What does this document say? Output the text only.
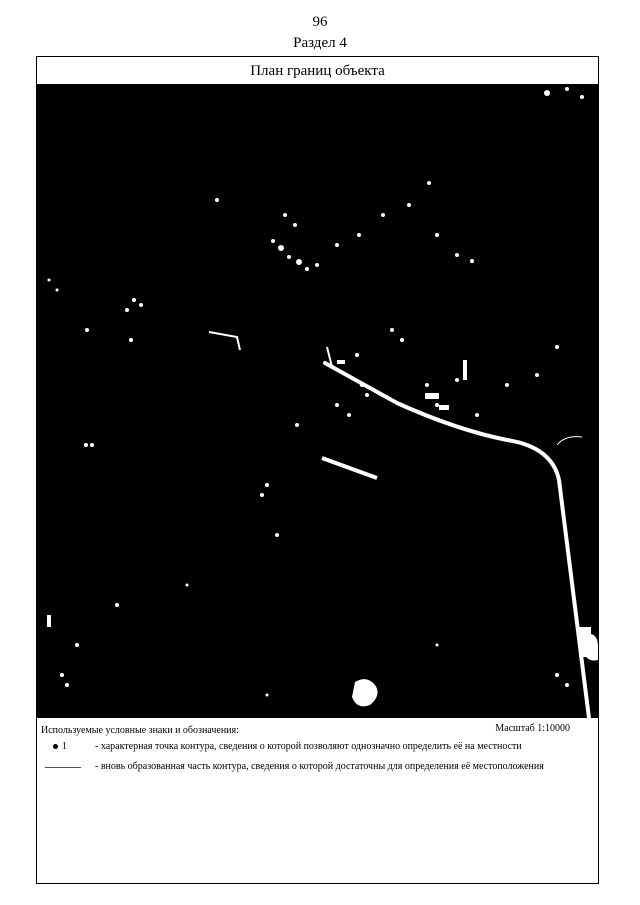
96
Раздел 4
План границ объекта
Используемые условные знаки и обозначения:	Масштаб 1:10000
1	- характерная точка контура, сведения о которой позволяют однозначно определить её на местности
- вновь образованная часть контура, сведения о которой достаточны для определения её местоположения
